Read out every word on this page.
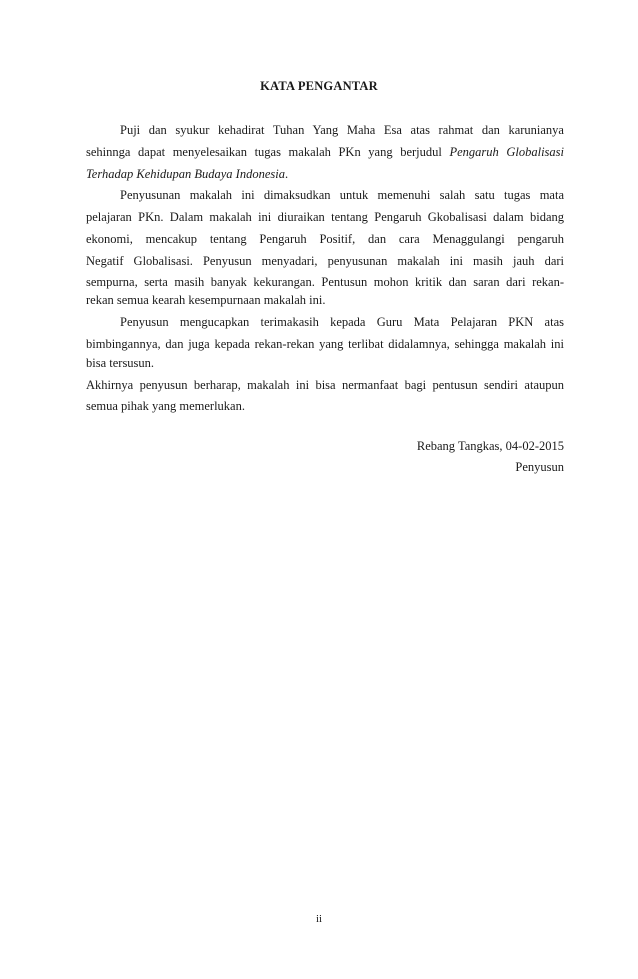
KATA PENGANTAR
Puji dan syukur kehadirat Tuhan Yang Maha Esa atas rahmat dan karunianya
sehinnga dapat menyelesaikan tugas makalah PKn yang berjudul Pengaruh Globalisasi
Terhadap Kehidupan Budaya Indonesia.
Penyusunan makalah ini dimaksudkan untuk memenuhi salah satu tugas mata
pelajaran PKn. Dalam makalah ini diuraikan tentang Pengaruh Gkobalisasi dalam bidang
ekonomi, mencakup tentang Pengaruh Positif, dan cara Menaggulangi pengaruh
Negatif Globalisasi. Penyusun menyadari, penyusunan makalah ini masih jauh dari
sempurna, serta masih banyak kekurangan. Pentusun mohon kritik dan saran dari rekan-
rekan semua kearah kesempurnaan makalah ini.
Penyusun mengucapkan terimakasih kepada Guru Mata Pelajaran PKN atas
bimbingannya, dan juga kepada rekan-rekan yang terlibat didalamnya, sehingga makalah ini
bisa tersusun.
Akhirnya penyusun berharap, makalah ini bisa nermanfaat bagi pentusun sendiri ataupun
semua pihak yang memerlukan.
Rebang Tangkas, 04-02-2015
Penyusun
ii
